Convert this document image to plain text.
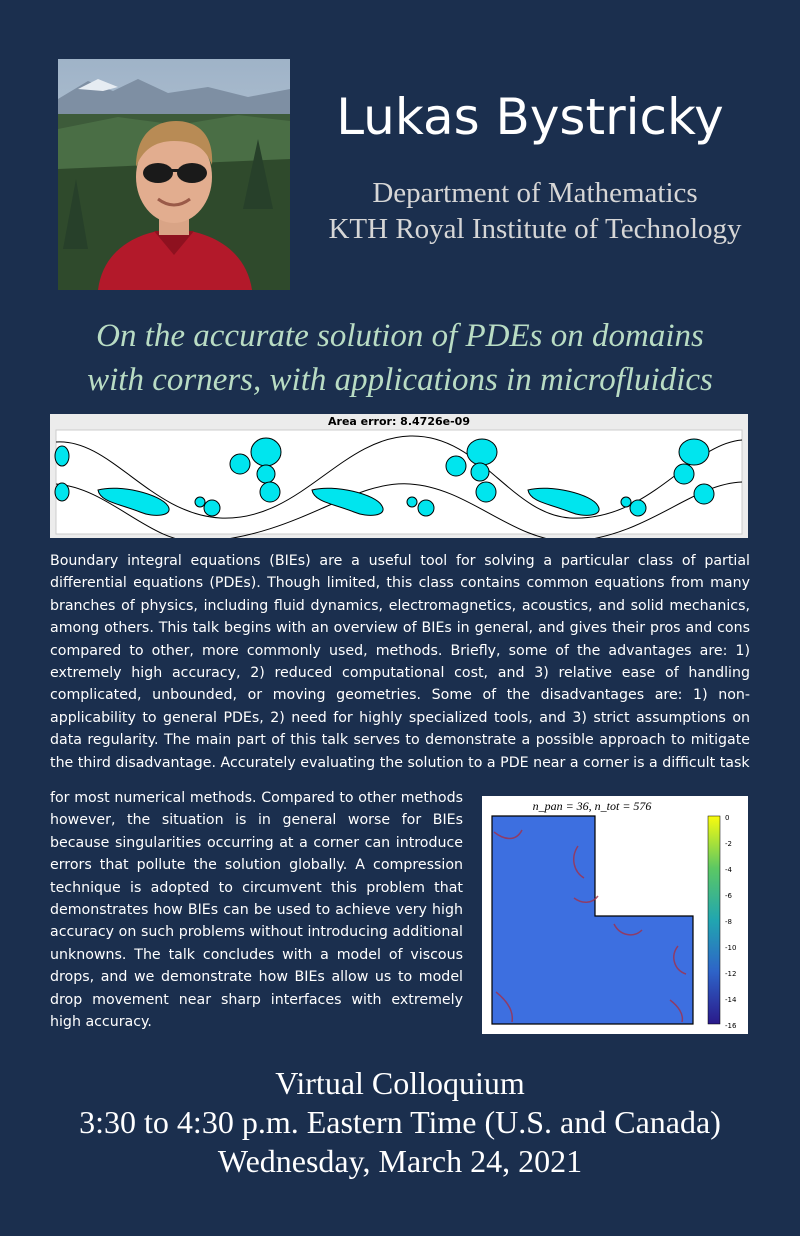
Lukas Bystricky
Department of Mathematics
KTH Royal Institute of Technology
On the accurate solution of PDEs on domains
with corners, with applications in microfluidics
Area error: 8.4726e-09

Boundary integral equations (BIEs) are a useful tool for solving a particular class of partial differential equations (PDEs). Though limited, this class contains common equations from many branches of physics, including fluid dynamics, electromagnetics, acoustics, and solid mechanics, among others. This talk begins with an overview of BIEs in general, and gives their pros and cons compared to other, more commonly used, methods. Briefly, some of the advantages are: 1) extremely high accuracy, 2) reduced computational cost, and 3) relative ease of handling complicated, unbounded, or moving geometries. Some of the disadvantages are: 1) non-applicability to general PDEs, 2) need for highly specialized tools, and 3) strict assumptions on data regularity. The main part of this talk serves to demonstrate a possible approach to mitigate the third disadvantage. Accurately evaluating the solution to a PDE near a corner is a difficult task

for most numerical methods. Compared to other methods however, the situation is in general worse for BIEs because singularities occurring at a corner can introduce errors that pollute the solution globally. A compression technique is adopted to circumvent this problem that demonstrates how BIEs can be used to achieve very high accuracy on such problems without introducing additional unknowns. The talk concludes with a model of viscous drops, and we demonstrate how BIEs allow us to model drop movement near sharp interfaces with extremely high accuracy.

n_pan = 36, n_tot = 576
0
-2
-4
-6
-8
-10
-12
-14
-16
Virtual Colloquium
3:30 to 4:30 p.m. Eastern Time (U.S. and Canada)
Wednesday, March 24, 2021
